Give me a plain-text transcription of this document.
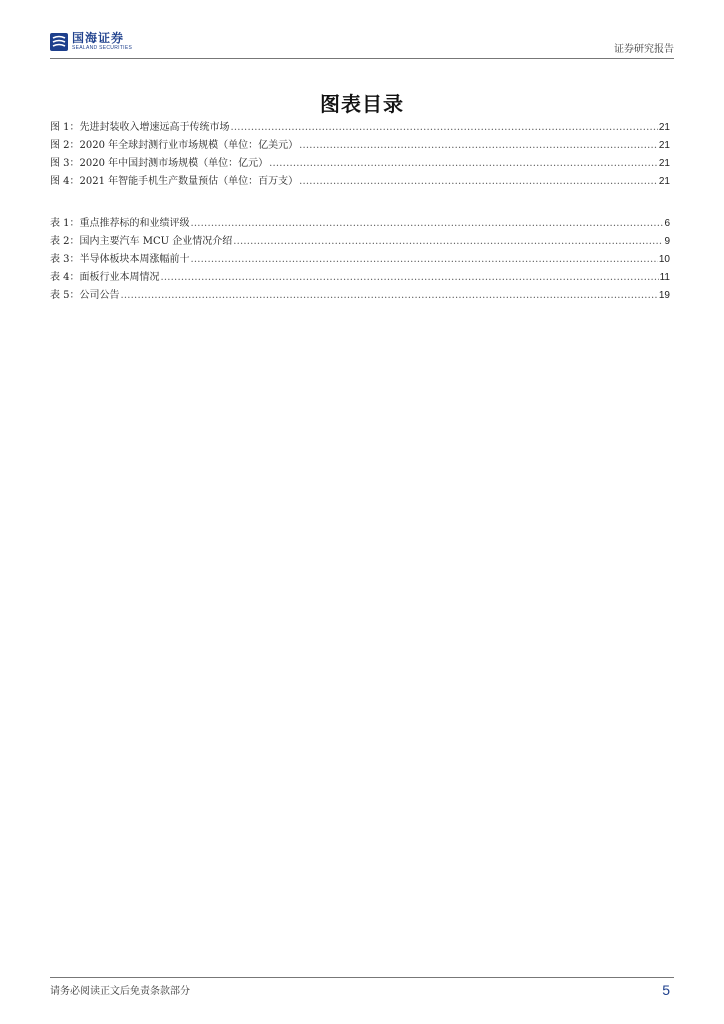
国海证券
SEALAND SECURITIES	证券研究报告
图表目录
图 1：先进封装收入增速远高于传统市场 .....	21
图 2：2020 年全球封测行业市场规模（单位：亿美元） .....	21
图 3：2020 年中国封测市场规模（单位：亿元） .....	21
图 4：2021 年智能手机生产数量预估（单位：百万支） .....	21
表 1：重点推荐标的和业绩评级 .....	6
表 2：国内主要汽车 MCU 企业情况介绍 .....	9
表 3：半导体板块本周涨幅前十 .....	10
表 4：面板行业本周情况 .....	11
表 5：公司公告 .....	19
请务必阅读正文后免责条款部分	5
